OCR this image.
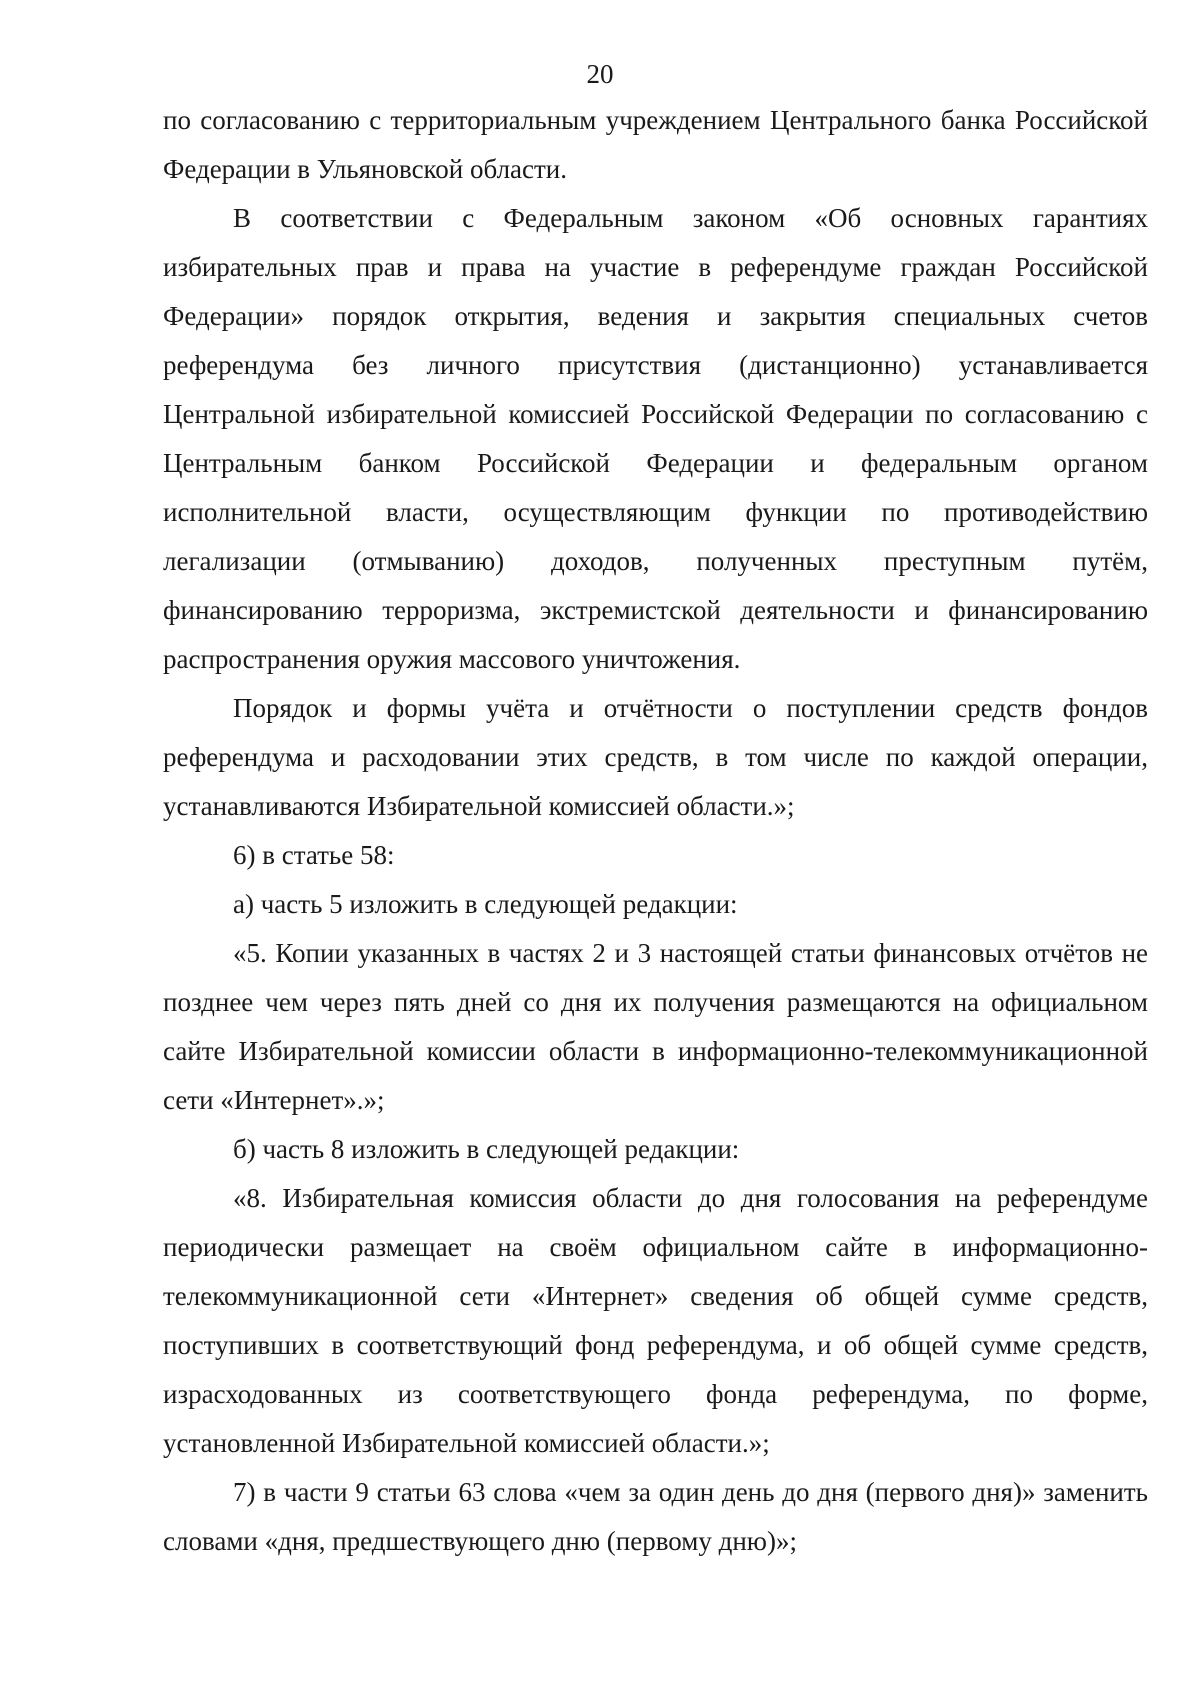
20

по согласованию с территориальным учреждением Центрального банка Российской Федерации в Ульяновской области.

В соответствии с Федеральным законом «Об основных гарантиях избирательных прав и права на участие в референдуме граждан Российской Федерации» порядок открытия, ведения и закрытия специальных счетов референдума без личного присутствия (дистанционно) устанавливается Центральной избирательной комиссией Российской Федерации по согласованию с Центральным банком Российской Федерации и федеральным органом исполнительной власти, осуществляющим функции по противодействию легализации (отмыванию) доходов, полученных преступным путём, финансированию терроризма, экстремистской деятельности и финансированию распространения оружия массового уничтожения.

Порядок и формы учёта и отчётности о поступлении средств фондов референдума и расходовании этих средств, в том числе по каждой операции, устанавливаются Избирательной комиссией области.»;

6) в статье 58:

а) часть 5 изложить в следующей редакции:

«5. Копии указанных в частях 2 и 3 настоящей статьи финансовых отчётов не позднее чем через пять дней со дня их получения размещаются на официальном сайте Избирательной комиссии области в информационно-телекоммуникационной сети «Интернет».»;

б) часть 8 изложить в следующей редакции:

«8. Избирательная комиссия области до дня голосования на референдуме периодически размещает на своём официальном сайте в информационно-телекоммуникационной сети «Интернет» сведения об общей сумме средств, поступивших в соответствующий фонд референдума, и об общей сумме средств, израсходованных из соответствующего фонда референдума, по форме, установленной Избирательной комиссией области.»;

7) в части 9 статьи 63 слова «чем за один день до дня (первого дня)» заменить словами «дня, предшествующего дню (первому дню)»;
